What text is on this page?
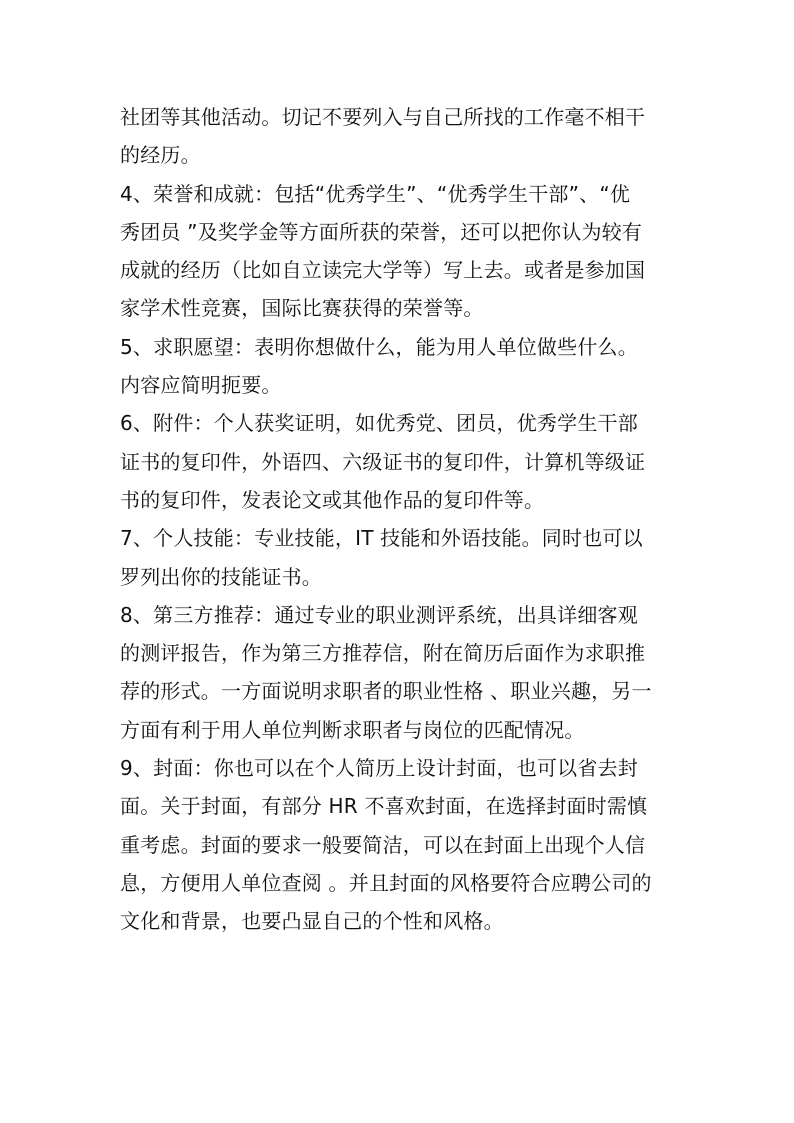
社团等其他活动。切记不要列入与自己所找的工作毫不相干
的经历。
4、荣誉和成就：包括“优秀学生”、“优秀学生干部”、“优
秀团员 ”及奖学金等方面所获的荣誉，还可以把你认为较有
成就的经历（比如自立读完大学等）写上去。或者是参加国
家学术性竞赛，国际比赛获得的荣誉等。
5、求职愿望：表明你想做什么，能为用人单位做些什么。
内容应简明扼要。
6、附件：个人获奖证明，如优秀党、团员，优秀学生干部
证书的复印件，外语四、六级证书的复印件，计算机等级证
书的复印件，发表论文或其他作品的复印件等。
7、个人技能：专业技能，IT 技能和外语技能。同时也可以
罗列出你的技能证书。
8、第三方推荐：通过专业的职业测评系统，出具详细客观
的测评报告，作为第三方推荐信，附在简历后面作为求职推
荐的形式。一方面说明求职者的职业性格 、职业兴趣，另一
方面有利于用人单位判断求职者与岗位的匹配情况。
9、封面：你也可以在个人简历上设计封面，也可以省去封
面。关于封面，有部分 HR 不喜欢封面，在选择封面时需慎
重考虑。封面的要求一般要简洁，可以在封面上出现个人信
息，方便用人单位查阅 。并且封面的风格要符合应聘公司的
文化和背景，也要凸显自己的个性和风格。
